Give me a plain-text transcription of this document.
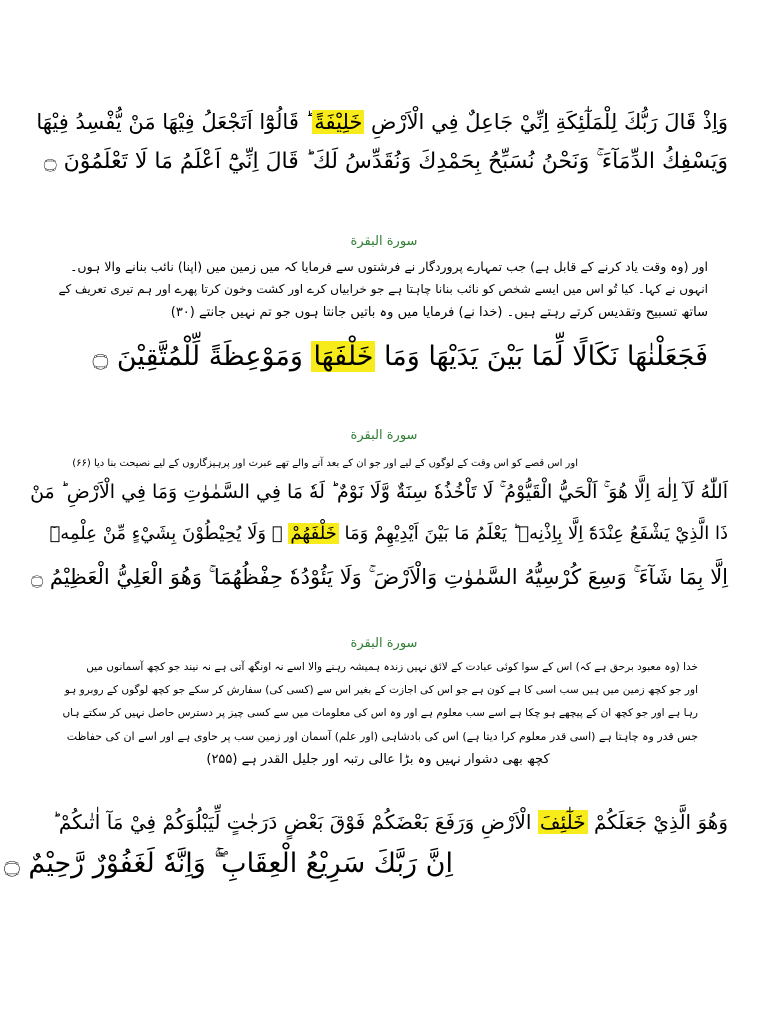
وَاِذْ قَالَ رَبُّكَ لِلْمَلٰٓئِكَةِ اِنِّيْ جَاعِلٌ فِي الْاَرْضِ خَلِيْفَةً ؕ قَالُوْٓا اَتَجْعَلُ فِيْهَا مَنْ يُّفْسِدُ فِيْهَا
وَيَسْفِكُ الدِّمَآءَ ۚ وَنَحْنُ نُسَبِّحُ بِحَمْدِكَ وَنُقَدِّسُ لَكَ ؕ قَالَ اِنِّيْٓ اَعْلَمُ مَا لَا تَعْلَمُوْنَ ۝
سورة البقرة
اور (وہ وقت یاد کرنے کے قابل ہے) جب تمہارے پروردگار نے فرشتوں سے فرمایا کہ میں زمین میں (اپنا) نائب بنانے والا ہوں۔
انہوں نے کہا۔ کیا تُو اس میں ایسے شخص کو نائب بنانا چاہتا ہے جو خرابیاں کرے اور کشت وخون کرتا پھرے اور ہم تیری تعریف کے
ساتھ تسبیح وتقدیس کرتے رہتے ہیں۔ (خدا نے) فرمایا میں وہ باتیں جانتا ہوں جو تم نہیں جانتے (۳۰)
فَجَعَلْنٰهَا نَكَالًا لِّمَا بَيْنَ يَدَيْهَا وَمَا خَلْفَهَا وَمَوْعِظَةً لِّلْمُتَّقِيْنَ ۝
سورة البقرة
اور اس قصے کو اس وقت کے لوگوں کے لیے اور جو ان کے بعد آنے والے تھے عبرت اور پرہیزگاروں کے لیے نصیحت بنا دیا (۶۶)
اَللّٰهُ لَآ اِلٰهَ اِلَّا هُوَ ۚ اَلْحَيُّ الْقَيُّوْمُ ۚ لَا تَاْخُذُهٗ سِنَةٌ وَّلَا نَوْمٌ ؕ لَهٗ مَا فِي السَّمٰوٰتِ وَمَا فِي الْاَرْضِ ؕ مَنْ
ذَا الَّذِيْ يَشْفَعُ عِنْدَهٗٓ اِلَّا بِاِذْنِهٖ ؕ يَعْلَمُ مَا بَيْنَ اَيْدِيْهِمْ وَمَا خَلْفَهُمْ ۚ وَلَا يُحِيْطُوْنَ بِشَيْءٍ مِّنْ عِلْمِهٖٓ
اِلَّا بِمَا شَآءَ ۚ وَسِعَ كُرْسِيُّهُ السَّمٰوٰتِ وَالْاَرْضَ ۚ وَلَا يَئُوْدُهٗ حِفْظُهُمَا ۚ وَهُوَ الْعَلِيُّ الْعَظِيْمُ ۝
سورة البقرة
خدا (وہ معبود برحق ہے کہ) اس کے سوا کوئی عبادت کے لائق نہیں زندہ ہمیشہ رہنے والا اسے نہ اونگھ آتی ہے نہ نیند جو کچھ آسمانوں میں
اور جو کچھ زمین میں ہیں سب اسی کا ہے کون ہے جو اس کی اجازت کے بغیر اس سے (کسی کی) سفارش کر سکے جو کچھ لوگوں کے روبرو ہو
رہا ہے اور جو کچھ ان کے پیچھے ہو چکا ہے اسے سب معلوم ہے اور وہ اس کی معلومات میں سے کسی چیز پر دسترس حاصل نہیں کر سکتے ہاں
جس قدر وہ چاہتا ہے (اسی قدر معلوم کرا دیتا ہے) اس کی بادشاہی (اور علم) آسمان اور زمین سب پر حاوی ہے اور اسے ان کی حفاظت
کچھ بھی دشوار نہیں وہ بڑا عالی رتبہ اور جلیل القدر ہے (۲۵۵)
وَهُوَ الَّذِيْ جَعَلَكُمْ خَلٰٓئِفَ الْاَرْضِ وَرَفَعَ بَعْضَكُمْ فَوْقَ بَعْضٍ دَرَجٰتٍ لِّيَبْلُوَكُمْ فِيْ مَآ اٰتٰىكُمْ ؕ
اِنَّ رَبَّكَ سَرِيْعُ الْعِقَابِ ۖۚ وَاِنَّهٗ لَغَفُوْرٌ رَّحِيْمٌ ۝
